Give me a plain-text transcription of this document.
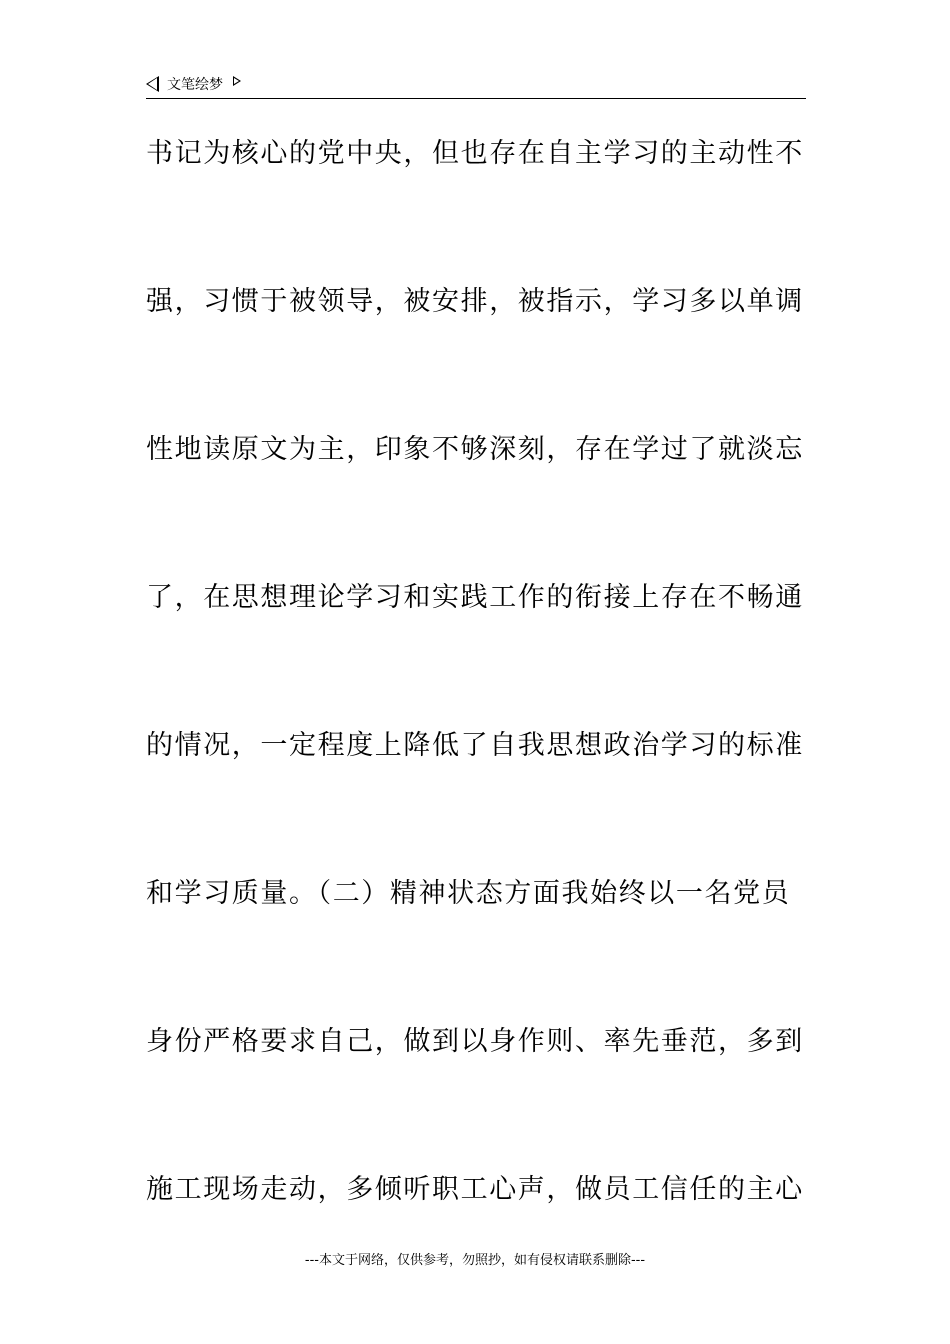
文笔绘梦
书记为核心的党中央，但也存在自主学习的主动性不
强，习惯于被领导，被安排，被指示，学习多以单调
性地读原文为主，印象不够深刻，存在学过了就淡忘
了，在思想理论学习和实践工作的衔接上存在不畅通
的情况，一定程度上降低了自我思想政治学习的标准
和学习质量。（二）精神状态方面我始终以一名党员
身份严格要求自己，做到以身作则、率先垂范，多到
施工现场走动，多倾听职工心声，做员工信任的主心
---本文于网络，仅供参考，勿照抄，如有侵权请联系删除---
